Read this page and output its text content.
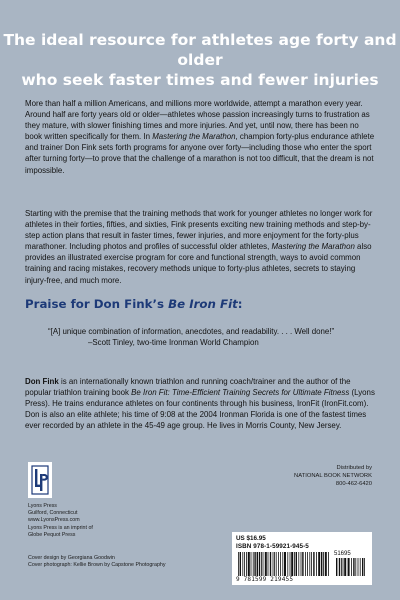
The ideal resource for athletes age forty and older
who seek faster times and fewer injuries

More than half a million Americans, and millions more worldwide, attempt a marathon every year. Around half are forty years old or older—athletes whose passion increasingly turns to frustration as they mature, with slower finishing times and more injuries. And yet, until now, there has been no book written specifically for them. In Mastering the Marathon, champion forty-plus endurance athlete and trainer Don Fink sets forth programs for anyone over forty—including those who enter the sport after turning forty—to prove that the challenge of a marathon is not too difficult, that the dream is not impossible.

Starting with the premise that the training methods that work for younger athletes no longer work for athletes in their forties, fifties, and sixties, Fink presents exciting new training methods and step-by-step action plans that result in faster times, fewer injuries, and more enjoyment for the forty-plus marathoner. Including photos and profiles of successful older athletes, Mastering the Marathon also provides an illustrated exercise program for core and functional strength, ways to avoid common training and racing mistakes, recovery methods unique to forty-plus athletes, secrets to staying injury-free, and much more.

Praise for Don Fink’s Be Iron Fit:
“[A] unique combination of information, anecdotes, and readability. . . . Well done!”
–Scott Tinley, two-time Ironman World Champion

Don Fink is an internationally known triathlon and running coach/trainer and the author of the popular triathlon training book Be Iron Fit: Time-Efficient Training Secrets for Ultimate Fitness (Lyons Press). He trains endurance athletes on four continents through his business, IronFit (IronFit.com). Don is also an elite athlete; his time of 9:08 at the 2004 Ironman Florida is one of the fastest times ever recorded by an athlete in the 45-49 age group. He lives in Morris County, New Jersey.

Lyons Press
Guilford, Connecticut
www.LyonsPress.com
Lyons Press is an imprint of
Globe Pequot Press
Cover design by Georgiana Goodwin
Cover photograph: Kellie Brown by Capstone Photography
Distributed by
NATIONAL BOOK NETWORK
800-462-6420
US $16.95
ISBN 978-1-59921-945-5
51695
9 781599 219455
